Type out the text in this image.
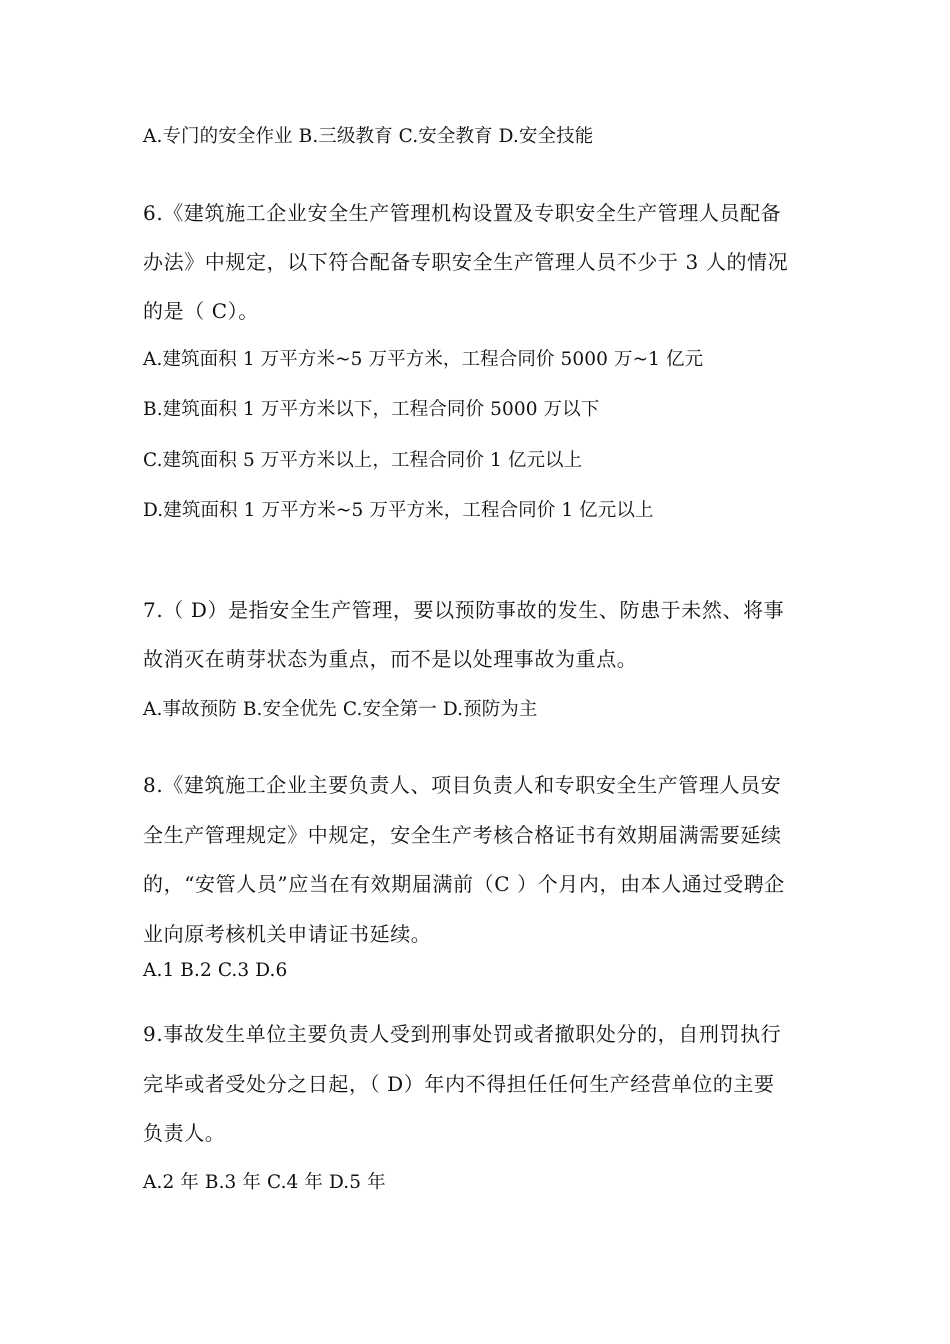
A.专门的安全作业 B.三级教育 C.安全教育 D.安全技能
6.《建筑施工企业安全生产管理机构设置及专职安全生产管理人员配备
办法》中规定，以下符合配备专职安全生产管理人员不少于 3 人的情况
的是（ C）。
A.建筑面积 1 万平方米~5 万平方米，工程合同价 5000 万~1 亿元
B.建筑面积 1 万平方米以下，工程合同价 5000 万以下
C.建筑面积 5 万平方米以上，工程合同价 1 亿元以上
D.建筑面积 1 万平方米~5 万平方米，工程合同价 1 亿元以上
7.（ D）是指安全生产管理，要以预防事故的发生、防患于未然、将事
故消灭在萌芽状态为重点，而不是以处理事故为重点。
A.事故预防 B.安全优先 C.安全第一 D.预防为主
8.《建筑施工企业主要负责人、项目负责人和专职安全生产管理人员安
全生产管理规定》中规定，安全生产考核合格证书有效期届满需要延续
的，“安管人员”应当在有效期届满前（C ）个月内，由本人通过受聘企
业向原考核机关申请证书延续。
A.1 B.2 C.3 D.6
9.事故发生单位主要负责人受到刑事处罚或者撤职处分的，自刑罚执行
完毕或者受处分之日起，（ D）年内不得担任任何生产经营单位的主要
负责人。
A.2 年 B.3 年 C.4 年 D.5 年
